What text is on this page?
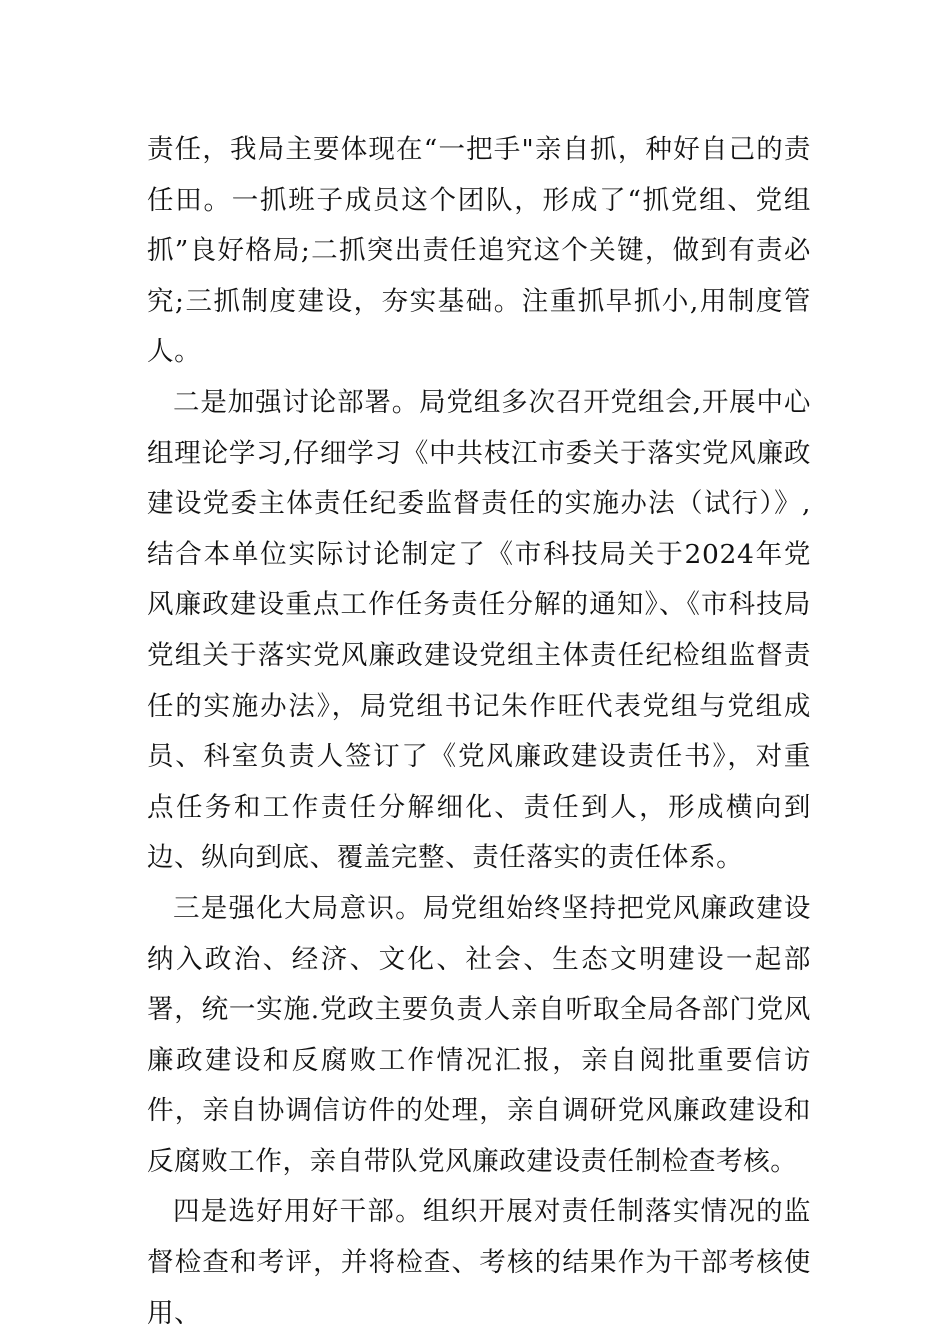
责任，我局主要体现在“一把手"亲自抓，种好自己的责任田。一抓班子成员这个团队，形成了“抓党组、党组抓”良好格局;二抓突出责任追究这个关键，做到有责必究;三抓制度建设，夯实基础。注重抓早抓小,用制度管人。

二是加强讨论部署。局党组多次召开党组会,开展中心组理论学习,仔细学习《中共枝江市委关于落实党风廉政建设党委主体责任纪委监督责任的实施办法（试行）》,结合本单位实际讨论制定了《市科技局关于2024年党风廉政建设重点工作任务责任分解的通知》、《市科技局党组关于落实党风廉政建设党组主体责任纪检组监督责任的实施办法》，局党组书记朱作旺代表党组与党组成员、科室负责人签订了《党风廉政建设责任书》，对重点任务和工作责任分解细化、责任到人，形成横向到边、纵向到底、覆盖完整、责任落实的责任体系。

三是强化大局意识。局党组始终坚持把党风廉政建设纳入政治、经济、文化、社会、生态文明建设一起部署，统一实施.党政主要负责人亲自听取全局各部门党风廉政建设和反腐败工作情况汇报，亲自阅批重要信访件，亲自协调信访件的处理，亲自调研党风廉政建设和反腐败工作，亲自带队党风廉政建设责任制检查考核。

四是选好用好干部。组织开展对责任制落实情况的监督检查和考评，并将检查、考核的结果作为干部考核使用、
